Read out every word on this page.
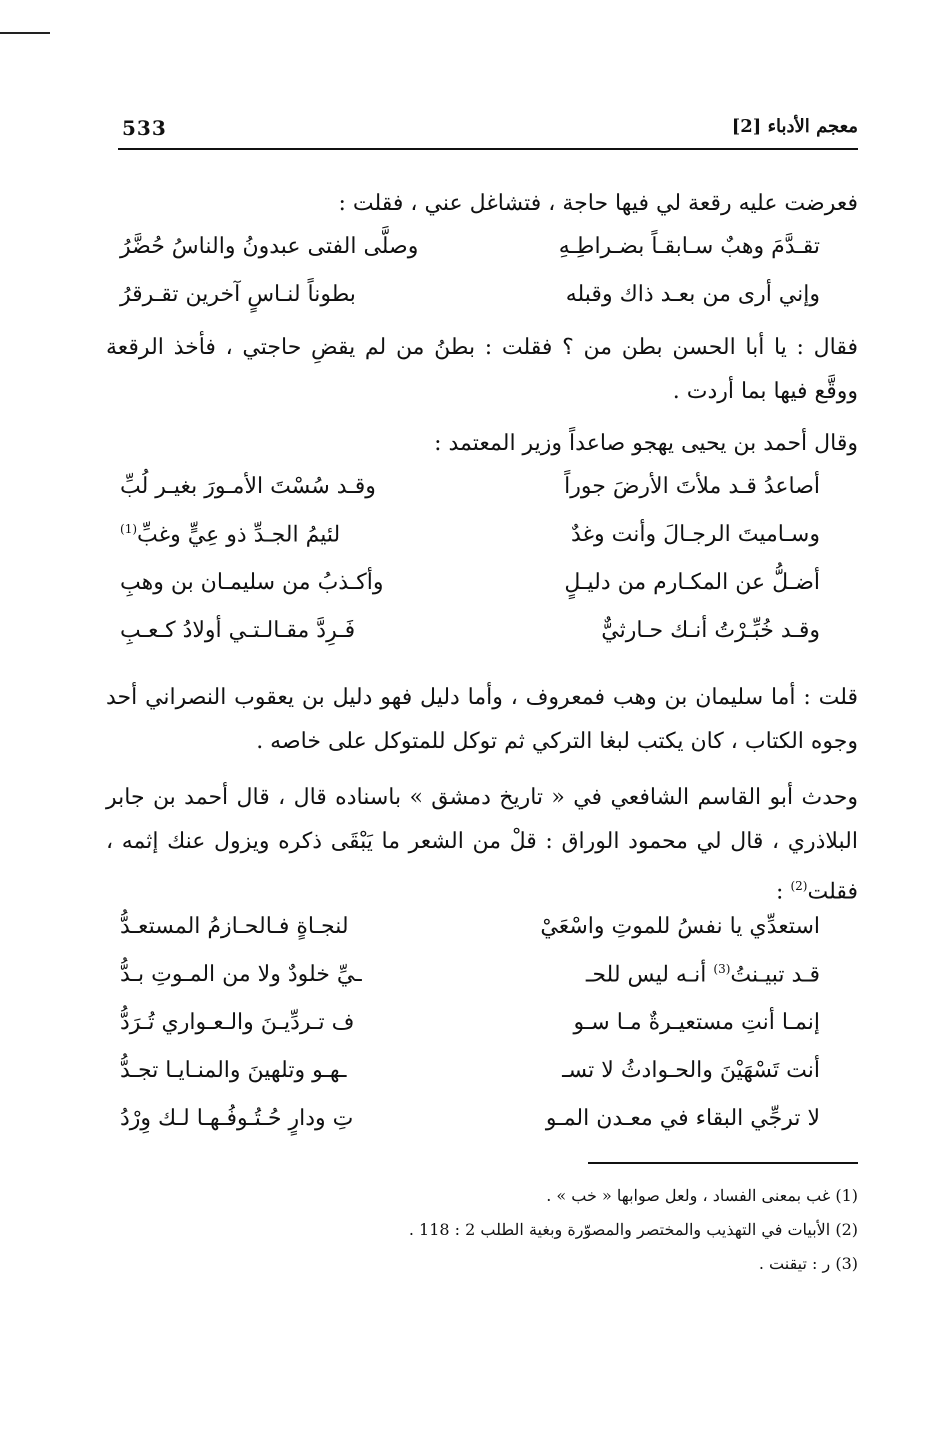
533	معجم الأدباء [2]
فعرضت عليه رقعة لي فيها حاجة ، فتشاغل عني ، فقلت :
تقـدَّمَ وهبٌ سـابقـاً بضـراطِـهِ
وصلَّى الفتى عبدونُ والناسُ حُضَّرُ
وإني أرى من بعـد ذاك وقبله
بطوناً لنـاسٍ آخرين تقـرقرُ
فقال : يا أبا الحسن بطن من ؟ فقلت : بطنُ من لم يقضِ حاجتي ، فأخذ الرقعة ووقَّع فيها بما أردت .
وقال أحمد بن يحيى يهجو صاعداً وزير المعتمد :
أصاعدُ قـد ملأتَ الأرضَ جوراً
وقـد سُسْتَ الأمـورَ بغيـر لُبِّ
وسـاميتَ الرجـالَ وأنت وغدٌ
لئيمُ الجـدِّ ذو عِيٍّ وغبِّ$^{(1)}$
أضـلُّ عن المكـارم من دليـلٍ
وأكـذبُ من سليمـان بن وهبِ
وقـد خُبِّـرْتُ أنـك حـارثيٌّ
فَـرِدَّ مقـالـتـي أولادُ كـعـبِ
قلت : أما سليمان بن وهب فمعروف ، وأما دليل فهو دليل بن يعقوب النصراني أحد وجوه الكتاب ، كان يكتب لبغا التركي ثم توكل للمتوكل على خاصه .
وحدث أبو القاسم الشافعي في « تاريخ دمشق » باسناده قال ، قال أحمد بن جابر البلاذري ، قال لي محمود الوراق : قلْ من الشعر ما يَبْقَى ذكره ويزول عنك إثمه ، فقلت$^{(2)}$ :
استعدِّي يا نفسُ للموتِ واسْعَيْ
لنجـاةٍ فـالحـازمُ المستعـدُّ
قـد تبيـنتُ$^{(3)}$ أنـه ليس للحـ
ـيِّ خلودٌ ولا من المـوتِ بـدُّ
إنمـا أنتِ مستعيـرةٌ مـا سـو
ف تـردِّيـنَ والـعـواري تُـرَدُّ
أنت تَسْهَيْنَ والحـوادثُ لا تسـ
ـهـو وتلهينَ والمنـايـا تجـدُّ
لا ترجِّي البقاء في معـدن المـو
تِ ودارٍ حُـتُـوفُـهـا لـك وِرْدُ
(1) غب بمعنى الفساد ، ولعل صوابها « خب » .
(2) الأبيات في التهذيب والمختصر والمصوّرة وبغية الطلب 2 : 118 .
(3) ر : تيقنت .
